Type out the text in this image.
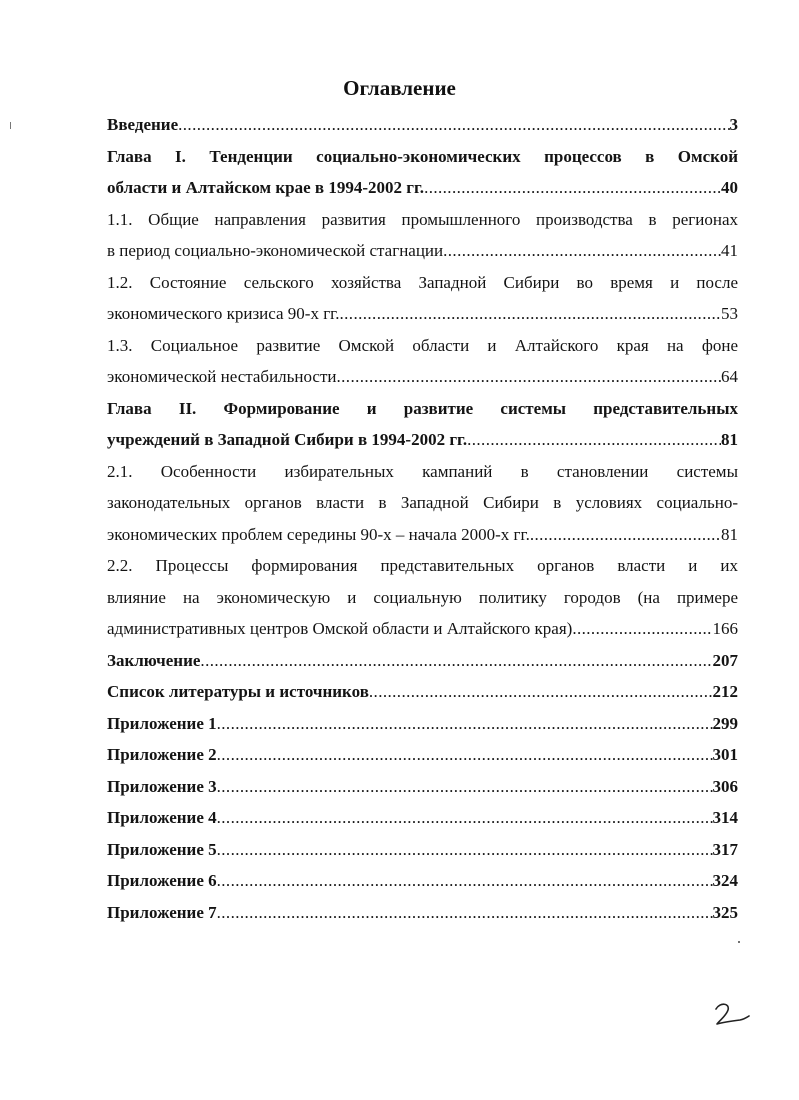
Оглавление
Введение .....	3
Глава I. Тенденции социально-экономических процессов в Омской
области и Алтайском крае в 1994-2002 гг. .....	40
1.1. Общие направления развития промышленного производства в регионах
в период социально-экономической стагнации .....	41
1.2. Состояние сельского хозяйства Западной Сибири во время и после
экономического кризиса 90-х гг. .....	53
1.3. Социальное развитие Омской области и Алтайского края на фоне
экономической нестабильности .....	64
Глава II. Формирование и развитие системы представительных
учреждений в Западной Сибири в 1994-2002 гг. .....	81
2.1. Особенности избирательных кампаний в становлении системы
законодательных органов власти в Западной Сибири в условиях социально-
экономических проблем середины 90-х – начала 2000-х гг. .....	81
2.2. Процессы формирования представительных органов власти и их
влияние на экономическую и социальную политику городов (на примере
административных центров Омской области и Алтайского края) .....	166
Заключение .....	207
Список литературы и источников .....	212
Приложение 1 .....	299
Приложение 2 .....	301
Приложение 3 .....	306
Приложение 4 .....	314
Приложение 5 .....	317
Приложение 6 .....	324
Приложение 7 .....	325
